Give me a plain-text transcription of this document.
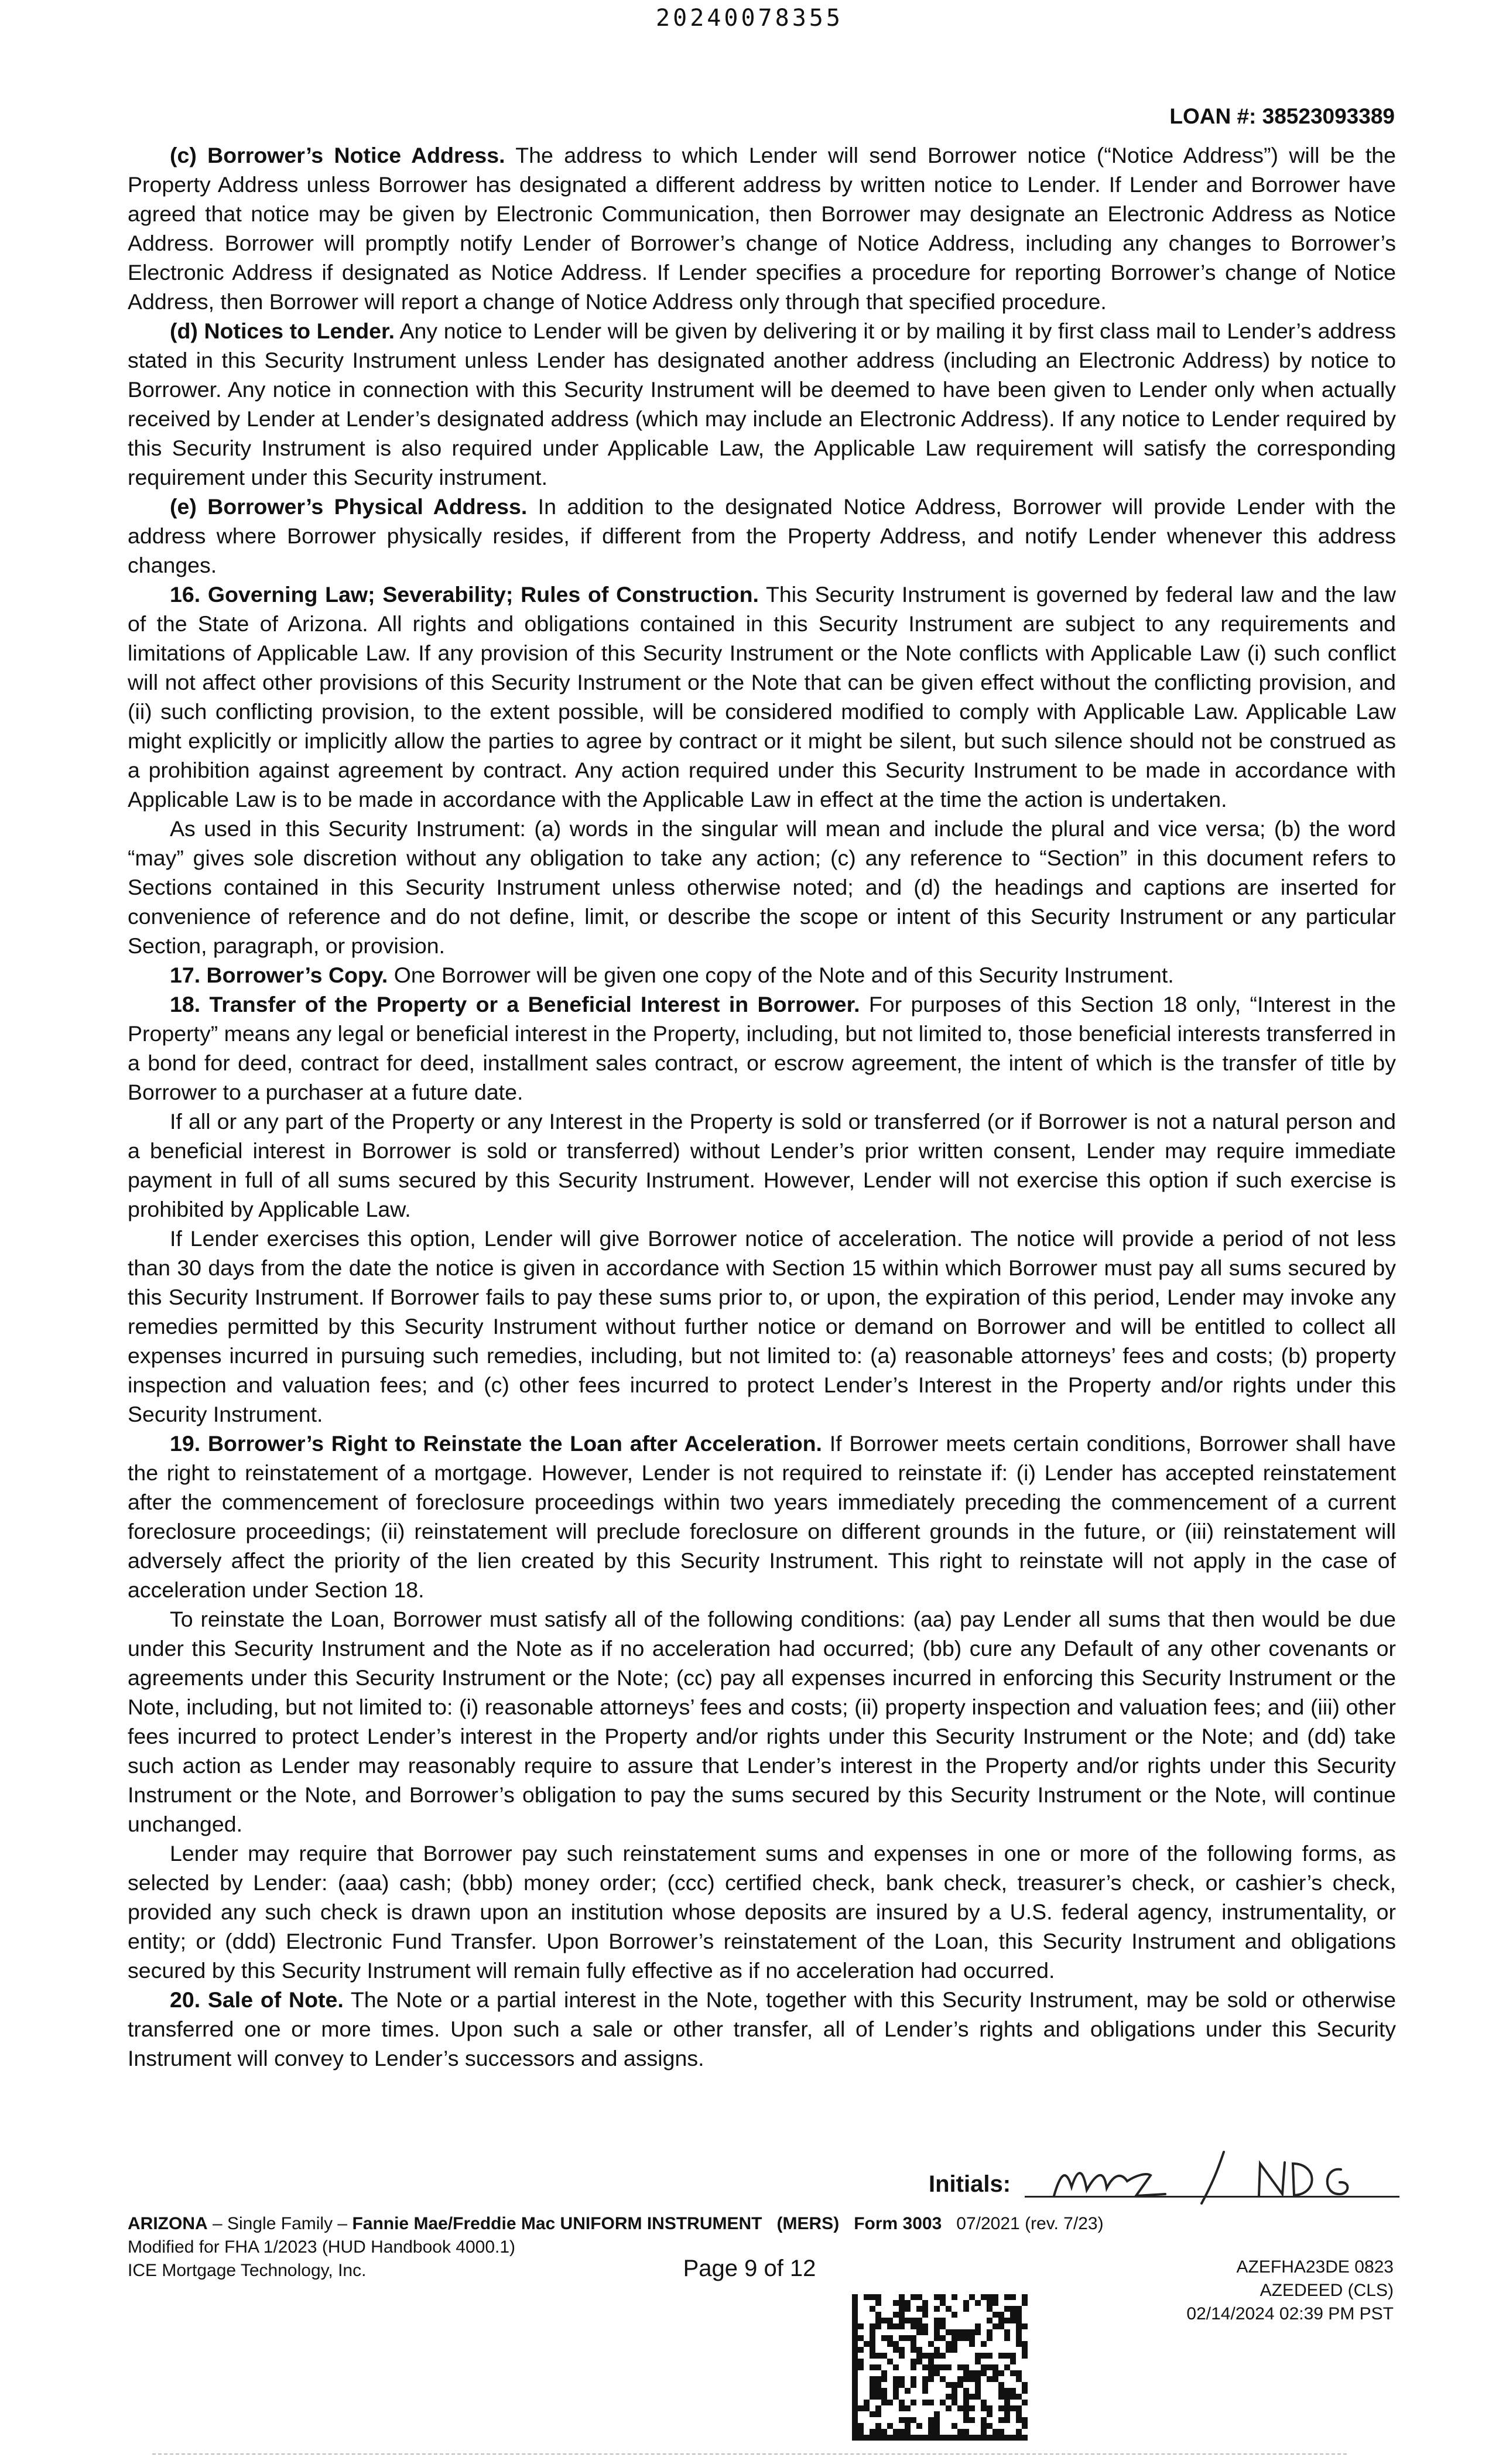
20240078355
LOAN #: 38523093389

(c) Borrower’s Notice Address. The address to which Lender will send Borrower notice (“Notice Address”) will be the Property Address unless Borrower has designated a different address by written notice to Lender. If Lender and Borrower have agreed that notice may be given by Electronic Communication, then Borrower may designate an Electronic Address as Notice Address. Borrower will promptly notify Lender of Borrower’s change of Notice Address, including any changes to Borrower’s Electronic Address if designated as Notice Address. If Lender specifies a procedure for reporting Borrower’s change of Notice Address, then Borrower will report a change of Notice Address only through that specified procedure.

(d) Notices to Lender. Any notice to Lender will be given by delivering it or by mailing it by first class mail to Lender’s address stated in this Security Instrument unless Lender has designated another address (including an Electronic Address) by notice to Borrower. Any notice in connection with this Security Instrument will be deemed to have been given to Lender only when actually received by Lender at Lender’s designated address (which may include an Electronic Address). If any notice to Lender required by this Security Instrument is also required under Applicable Law, the Applicable Law requirement will satisfy the corresponding requirement under this Security instrument.

(e) Borrower’s Physical Address. In addition to the designated Notice Address, Borrower will provide Lender with the address where Borrower physically resides, if different from the Property Address, and notify Lender whenever this address changes.

16. Governing Law; Severability; Rules of Construction. This Security Instrument is governed by federal law and the law of the State of Arizona. All rights and obligations contained in this Security Instrument are subject to any requirements and limitations of Applicable Law. If any provision of this Security Instrument or the Note conflicts with Applicable Law (i) such conflict will not affect other provisions of this Security Instrument or the Note that can be given effect without the conflicting provision, and (ii) such conflicting provision, to the extent possible, will be considered modified to comply with Applicable Law. Applicable Law might explicitly or implicitly allow the parties to agree by contract or it might be silent, but such silence should not be construed as a prohibition against agreement by contract. Any action required under this Security Instrument to be made in accordance with Applicable Law is to be made in accordance with the Applicable Law in effect at the time the action is undertaken.

As used in this Security Instrument: (a) words in the singular will mean and include the plural and vice versa; (b) the word “may” gives sole discretion without any obligation to take any action; (c) any reference to “Section” in this document refers to Sections contained in this Security Instrument unless otherwise noted; and (d) the headings and captions are inserted for convenience of reference and do not define, limit, or describe the scope or intent of this Security Instrument or any particular Section, paragraph, or provision.

17. Borrower’s Copy. One Borrower will be given one copy of the Note and of this Security Instrument.

18. Transfer of the Property or a Beneficial Interest in Borrower. For purposes of this Section 18 only, “Interest in the Property” means any legal or beneficial interest in the Property, including, but not limited to, those beneficial interests transferred in a bond for deed, contract for deed, installment sales contract, or escrow agreement, the intent of which is the transfer of title by Borrower to a purchaser at a future date.

If all or any part of the Property or any Interest in the Property is sold or transferred (or if Borrower is not a natural person and a beneficial interest in Borrower is sold or transferred) without Lender’s prior written consent, Lender may require immediate payment in full of all sums secured by this Security Instrument. However, Lender will not exercise this option if such exercise is prohibited by Applicable Law.

If Lender exercises this option, Lender will give Borrower notice of acceleration. The notice will provide a period of not less than 30 days from the date the notice is given in accordance with Section 15 within which Borrower must pay all sums secured by this Security Instrument. If Borrower fails to pay these sums prior to, or upon, the expiration of this period, Lender may invoke any remedies permitted by this Security Instrument without further notice or demand on Borrower and will be entitled to collect all expenses incurred in pursuing such remedies, including, but not limited to: (a) reasonable attorneys’ fees and costs; (b) property inspection and valuation fees; and (c) other fees incurred to protect Lender’s Interest in the Property and/or rights under this Security Instrument.

19. Borrower’s Right to Reinstate the Loan after Acceleration. If Borrower meets certain conditions, Borrower shall have the right to reinstatement of a mortgage. However, Lender is not required to reinstate if: (i) Lender has accepted reinstatement after the commencement of foreclosure proceedings within two years immediately preceding the commencement of a current foreclosure proceedings; (ii) reinstatement will preclude foreclosure on different grounds in the future, or (iii) reinstatement will adversely affect the priority of the lien created by this Security Instrument. This right to reinstate will not apply in the case of acceleration under Section 18.

To reinstate the Loan, Borrower must satisfy all of the following conditions: (aa) pay Lender all sums that then would be due under this Security Instrument and the Note as if no acceleration had occurred; (bb) cure any Default of any other covenants or agreements under this Security Instrument or the Note; (cc) pay all expenses incurred in enforcing this Security Instrument or the Note, including, but not limited to: (i) reasonable attorneys’ fees and costs; (ii) property inspection and valuation fees; and (iii) other fees incurred to protect Lender’s interest in the Property and/or rights under this Security Instrument or the Note; and (dd) take such action as Lender may reasonably require to assure that Lender’s interest in the Property and/or rights under this Security Instrument or the Note, and Borrower’s obligation to pay the sums secured by this Security Instrument or the Note, will continue unchanged.

Lender may require that Borrower pay such reinstatement sums and expenses in one or more of the following forms, as selected by Lender: (aaa) cash; (bbb) money order; (ccc) certified check, bank check, treasurer’s check, or cashier’s check, provided any such check is drawn upon an institution whose deposits are insured by a U.S. federal agency, instrumentality, or entity; or (ddd) Electronic Fund Transfer. Upon Borrower’s reinstatement of the Loan, this Security Instrument and obligations secured by this Security Instrument will remain fully effective as if no acceleration had occurred.

20. Sale of Note. The Note or a partial interest in the Note, together with this Security Instrument, may be sold or otherwise transferred one or more times. Upon such a sale or other transfer, all of Lender’s rights and obligations under this Security Instrument will convey to Lender’s successors and assigns.

Initials:
ARIZONA – Single Family – Fannie Mae/Freddie Mac UNIFORM INSTRUMENT (MERS) Form 3003 07/2021 (rev. 7/23)
Modified for FHA 1/2023 (HUD Handbook 4000.1)
ICE Mortgage Technology, Inc.	Page 9 of 12	AZEFHA23DE 0823
AZEDEED (CLS)
02/14/2024 02:39 PM PST
